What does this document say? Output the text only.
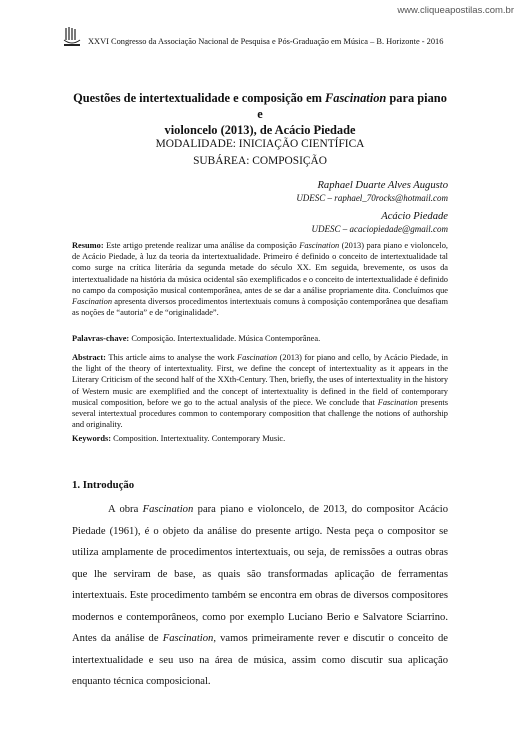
www.cliqueapostilas.com.br
XXVI Congresso da Associação Nacional de Pesquisa e Pós-Graduação em Música – B. Horizonte - 2016
Questões de intertextualidade e composição em Fascination para piano e
violoncelo (2013), de Acácio Piedade
MODALIDADE: INICIAÇÃO CIENTÍFICA
SUBÁREA: COMPOSIÇÃO
Raphael Duarte Alves Augusto
UDESC – raphael_70rocks@hotmail.com
Acácio Piedade
UDESC – acaciopiedade@gmail.com
Resumo: Este artigo pretende realizar uma análise da composição Fascination (2013) para piano e violoncelo, de Acácio Piedade, à luz da teoria da intertextualidade. Primeiro é definido o conceito de intertextualidade tal como surge na crítica literária da segunda metade do século XX. Em seguida, brevemente, os usos da intertextualidade na história da música ocidental são exemplificados e o conceito de intertextualidade é definido no campo da composição musical contemporânea, antes de se dar a análise propriamente dita. Concluímos que Fascination apresenta diversos procedimentos intertextuais comuns à composição contemporânea que desafiam as noções de “autoria” e de “originalidade”.
Palavras-chave: Composição. Intertextualidade. Música Contemporânea.
Abstract: This article aims to analyse the work Fascination (2013) for piano and cello, by Acácio Piedade, in the light of the theory of intertextuality. First, we define the concept of intertextuality as it appears in the Literary Criticism of the second half of the XXth-Century. Then, briefly, the uses of intertextuality in the history of Western music are exemplified and the concept of intertextuality is defined in the field of contemporary musical composition, before we go to the actual analysis of the piece. We conclude that Fascination presents several intertextual procedures common to contemporary composition that challenge the notions of authorship and originality.
Keywords: Composition. Intertextuality. Contemporary Music.
1. Introdução
A obra Fascination para piano e violoncelo, de 2013, do compositor Acácio Piedade (1961), é o objeto da análise do presente artigo. Nesta peça o compositor se utiliza amplamente de procedimentos intertextuais, ou seja, de remissões a outras obras que lhe serviram de base, as quais são transformadas aplicação de ferramentas intertextuais. Este procedimento também se encontra em obras de diversos compositores modernos e contemporâneos, como por exemplo Luciano Berio e Salvatore Sciarrino. Antes da análise de Fascination, vamos primeiramente rever e discutir o conceito de intertextualidade e seu uso na área de música, assim como discutir sua aplicação enquanto técnica composicional.
